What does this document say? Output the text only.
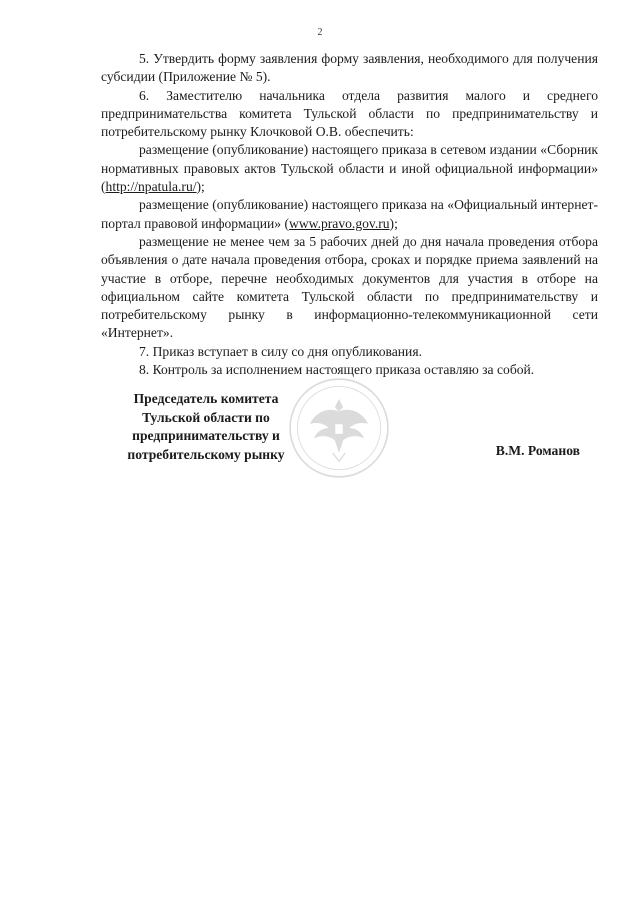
2

5. Утвердить форму заявления форму заявления, необходимого для получения субсидии (Приложение № 5).

6. Заместителю начальника отдела развития малого и среднего предпринимательства комитета Тульской области по предпринимательству и потребительскому рынку Клочковой О.В. обеспечить:

размещение (опубликование) настоящего приказа в сетевом издании «Сборник нормативных правовых актов Тульской области и иной официальной информации» (http://npatula.ru/);

размещение (опубликование) настоящего приказа на «Официальный интернет-портал правовой информации» (www.pravo.gov.ru);

размещение не менее чем за 5 рабочих дней до дня начала проведения отбора объявления о дате начала проведения отбора, сроках и порядке приема заявлений на участие в отборе, перечне необходимых документов для участия в отборе на официальном сайте комитета Тульской области по предпринимательству и потребительскому рынку в информационно-телекоммуникационной сети «Интернет».

7. Приказ вступает в силу со дня опубликования.

8. Контроль за исполнением настоящего приказа оставляю за собой.

Председатель комитета
Тульской области по
предпринимательству и
потребительскому рынку	В.М. Романов
